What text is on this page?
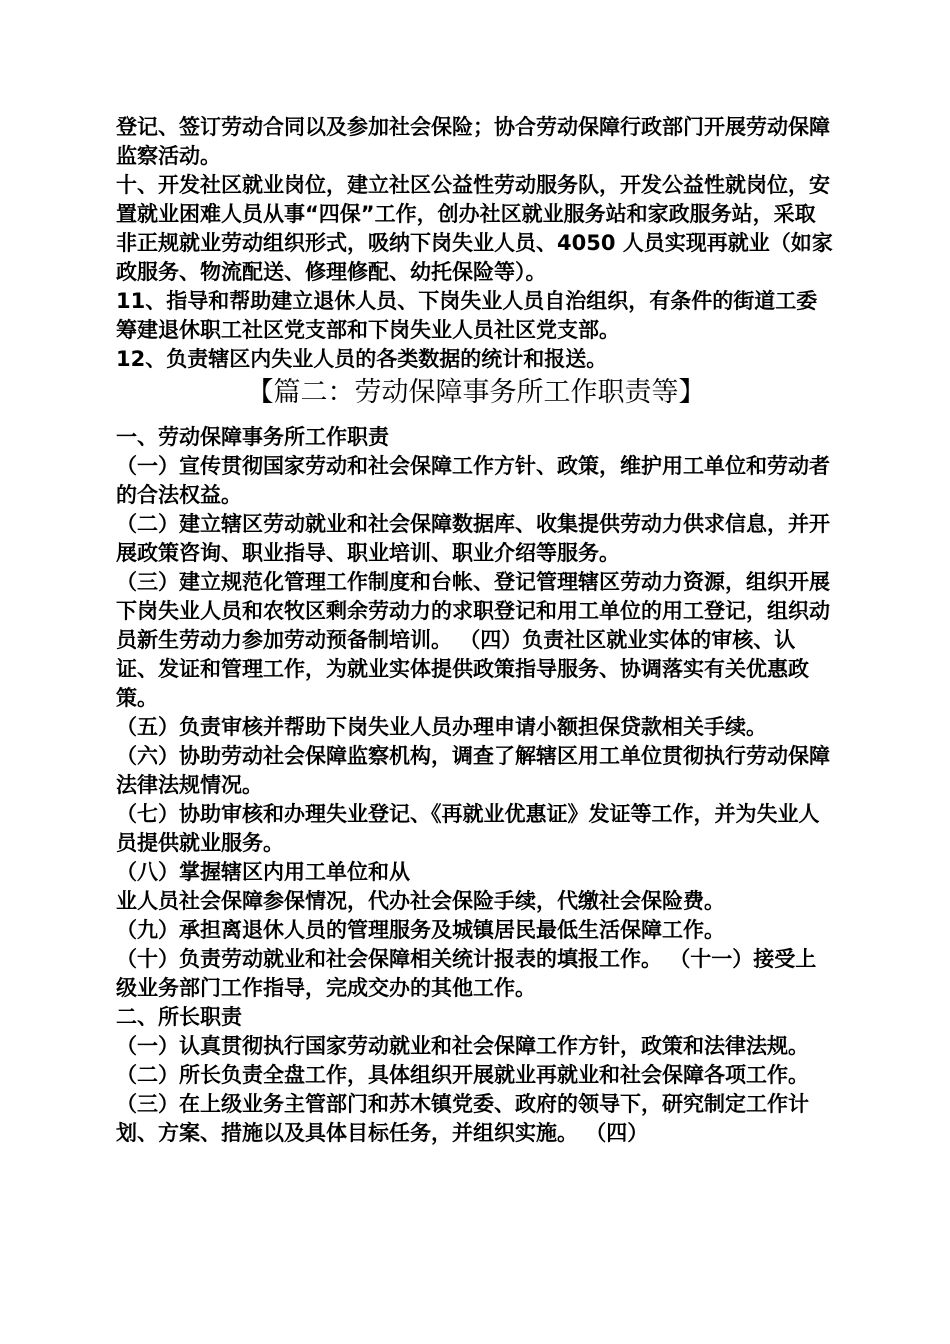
登记、签订劳动合同以及参加社会保险；协合劳动保障行政部门开展劳动保障监察活动。

十、开发社区就业岗位，建立社区公益性劳动服务队，开发公益性就岗位，安置就业困难人员从事“四保”工作，创办社区就业服务站和家政服务站，采取非正规就业劳动组织形式，吸纳下岗失业人员、4050 人员实现再就业（如家政服务、物流配送、修理修配、幼托保险等）。

11、指导和帮助建立退休人员、下岗失业人员自治组织，有条件的街道工委筹建退休职工社区党支部和下岗失业人员社区党支部。

12、负责辖区内失业人员的各类数据的统计和报送。

【篇二：劳动保障事务所工作职责等】

一、劳动保障事务所工作职责

（一）宣传贯彻国家劳动和社会保障工作方针、政策，维护用工单位和劳动者的合法权益。

（二）建立辖区劳动就业和社会保障数据库、收集提供劳动力供求信息，并开展政策咨询、职业指导、职业培训、职业介绍等服务。

（三）建立规范化管理工作制度和台帐、登记管理辖区劳动力资源，组织开展下岗失业人员和农牧区剩余劳动力的求职登记和用工单位的用工登记，组织动员新生劳动力参加劳动预备制培训。 （四）负责社区就业实体的审核、认证、发证和管理工作，为就业实体提供政策指导服务、协调落实有关优惠政策。

（五）负责审核并帮助下岗失业人员办理申请小额担保贷款相关手续。

（六）协助劳动社会保障监察机构，调查了解辖区用工单位贯彻执行劳动保障法律法规情况。

（七）协助审核和办理失业登记、《再就业优惠证》发证等工作，并为失业人员提供就业服务。

（八）掌握辖区内用工单位和从

业人员社会保障参保情况，代办社会保险手续，代缴社会保险费。

（九）承担离退休人员的管理服务及城镇居民最低生活保障工作。

（十）负责劳动就业和社会保障相关统计报表的填报工作。 （十一）接受上级业务部门工作指导，完成交办的其他工作。

二、所长职责

（一）认真贯彻执行国家劳动就业和社会保障工作方针，政策和法律法规。

（二）所长负责全盘工作，具体组织开展就业再就业和社会保障各项工作。

（三）在上级业务主管部门和苏木镇党委、政府的领导下，研究制定工作计划、方案、措施以及具体目标任务，并组织实施。 （四）
